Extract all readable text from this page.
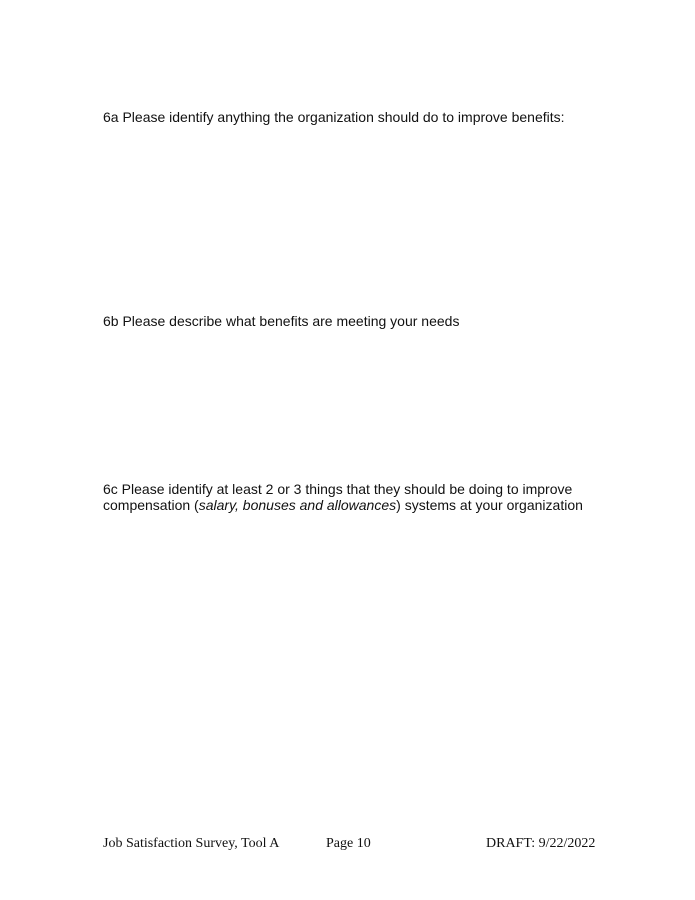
6a Please identify anything the organization should do to improve benefits:

6b Please describe what benefits are meeting your needs

6c Please identify at least 2 or 3 things that they should be doing to improve
compensation (salary, bonuses and allowances) systems at your organization

Job Satisfaction Survey, Tool A	Page 10	DRAFT: 9/22/2022
